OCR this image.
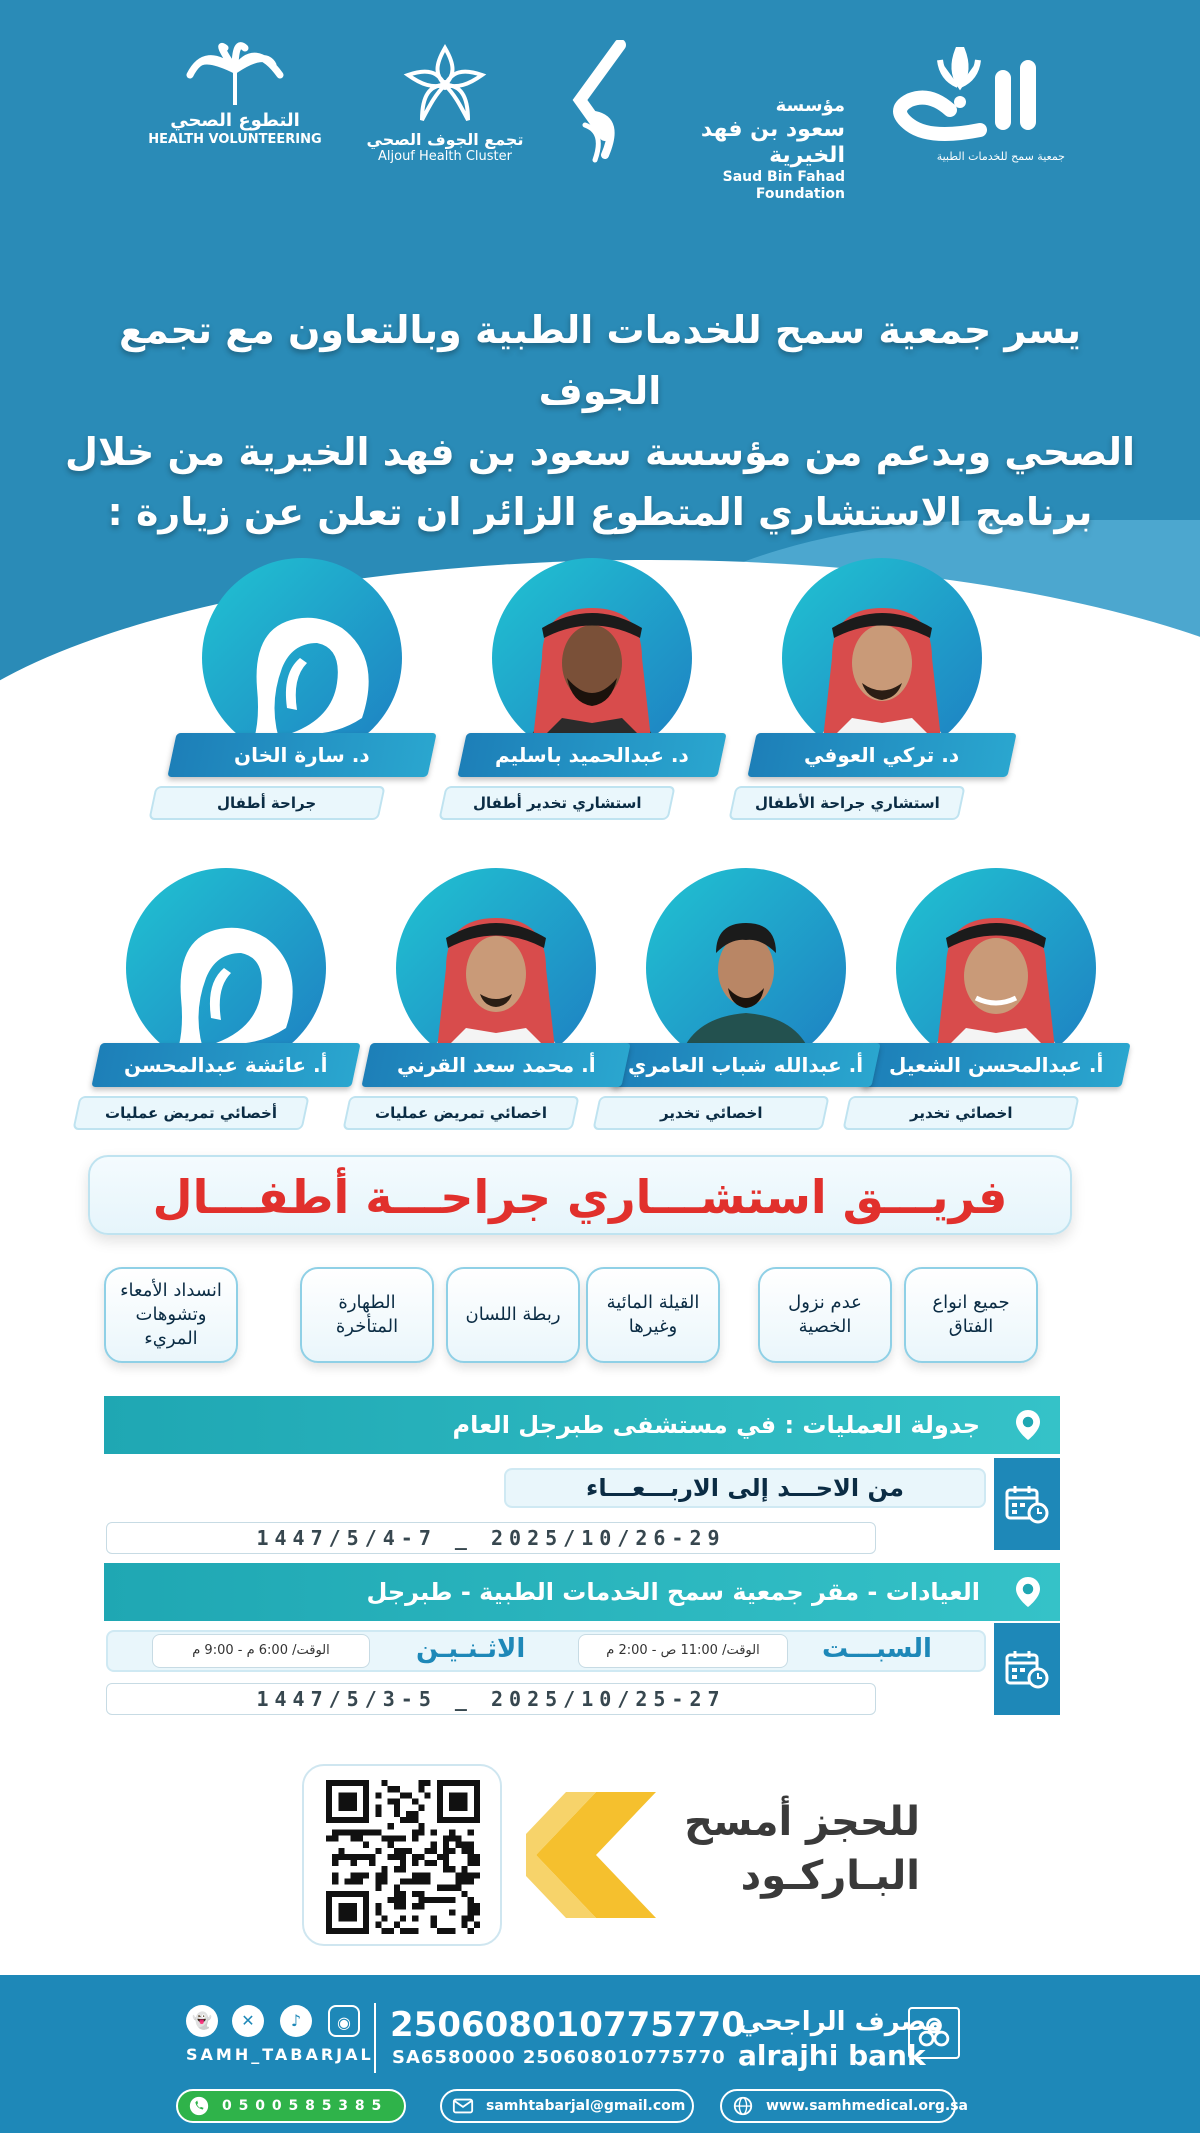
التطوع الصحي
HEALTH VOLUNTEERING	تجمع الجوف الصحي
Aljouf Health Cluster
مؤسسة
سعود بن فهد الخيرية
Saud Bin Fahad Foundation
جمعية سمح للخدمات الطبية
يسر جمعية سمح للخدمات الطبية وبالتعاون مع تجمع الجوف
الصحي وبدعم من مؤسسة سعود بن فهد الخيرية من خلال
برنامج الاستشاري المتطوع الزائر ان تعلن عن زيارة :
د. تركي العوفي
استشاري جراحة الأطفال
د. عبدالحميد باسليم
استشاري تخدير أطفال
د. سارة الخان
جراحة أطفال
أ. عبدالمحسن الشعيل
اخصائي تخدير
أ. عبدالله شباب العامري
اخصائي تخدير
أ. محمد سعد القرني
اخصائي تمريض عمليات
أ. عائشة عبدالمحسن
أخصائي تمريض عمليات
فريـــق استشـــاري جراحـــة أطفـــال
جميع انواع الفتاق
عدم نزول الخصية
القيلة المائية وغيرها
ربطة اللسان
الطهارة المتأخرة
انسداد الأمعاء وتشوهات المريء
جدولة العمليات : في مستشفى طبرجل العام
من الاحـــد إلى الاربـــعـــاء
1447/5/4-7 _ 2025/10/26-29
العيادات - مقر جمعية سمح الخدمات الطبية - طبرجل
السبـــت
الوقت/ 11:00 ص - 2:00 م
الاثـنـيـن
الوقت/ 6:00 م - 9:00 م
1447/5/3-5 _ 2025/10/25-27
للحجز أمسح
البـاركـود
👻	✕	♪	◉
SAMH_TABARJAL
250608010775770
SA6580000 250608010775770
مصرف الراجحي
alrajhi bank
0 5 0 0 5 8 5 3 8 5	samhtabarjal@gmail.com	www.samhmedical.org.sa
